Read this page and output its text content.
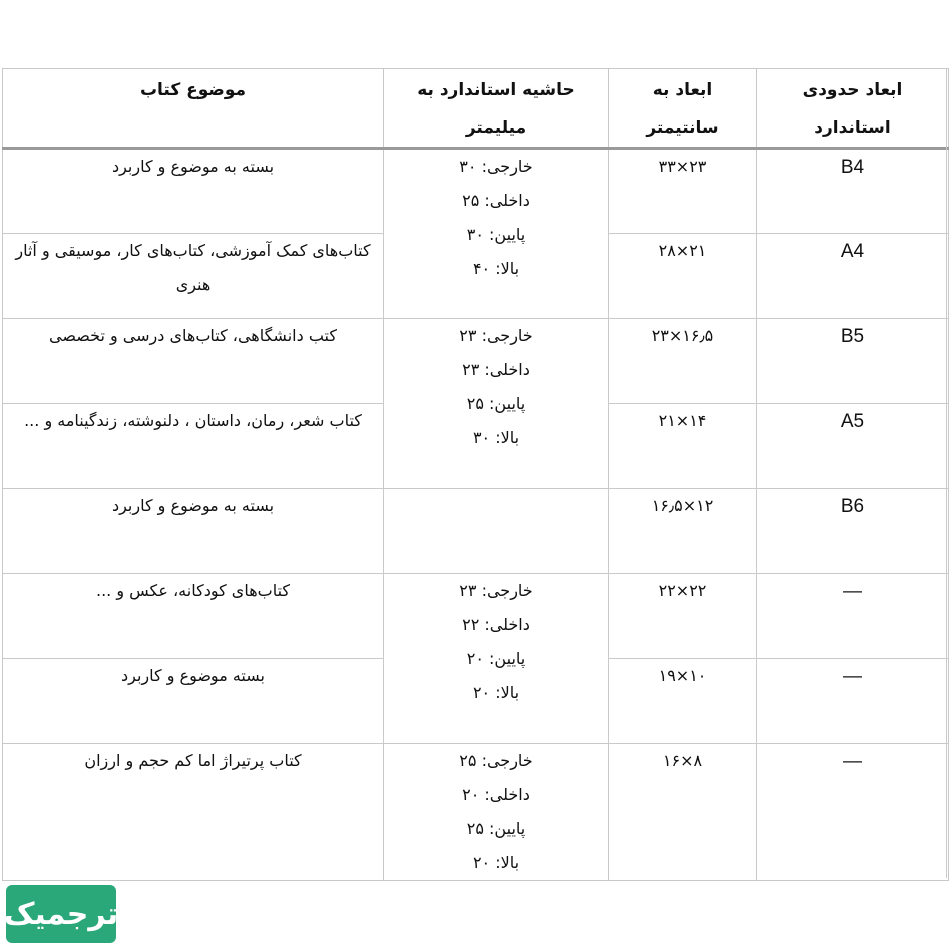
ابعاد حدودی استاندارد	ابعاد به سانتیمتر	حاشیه استاندارد به میلیمتر	موضوع کتاب
B4	۲۳×۳۳	خارجی: ۳۰
داخلی: ۲۵
پایین: ۳۰
بالا: ۴۰	بسته به موضوع و کاربرد
A4	۲۱×۲۸		کتاب‌های کمک آموزشی، کتاب‌های کار، موسیقی و آثار هنری
B5	۱۶٫۵×۲۳	خارجی: ۲۳
داخلی: ۲۳
پایین: ۲۵
بالا: ۳۰	کتب دانشگاهی، کتاب‌های درسی و تخصصی
A5	۱۴×۲۱		کتاب شعر، رمان، داستان ، دلنوشته، زندگینامه و ...
B6	۱۲×۱۶٫۵		بسته به موضوع و کاربرد
—	۲۲×۲۲	خارجی: ۲۳
داخلی: ۲۲
پایین: ۲۰
بالا: ۲۰	کتاب‌های کودکانه، عکس و ...
—	۱۰×۱۹		بسته موضوع و کاربرد
—	۸×۱۶	خارجی: ۲۵
داخلی: ۲۰
پایین: ۲۵
بالا: ۲۰	کتاب پرتیراژ اما کم حجم و ارزان
ترجمیک
